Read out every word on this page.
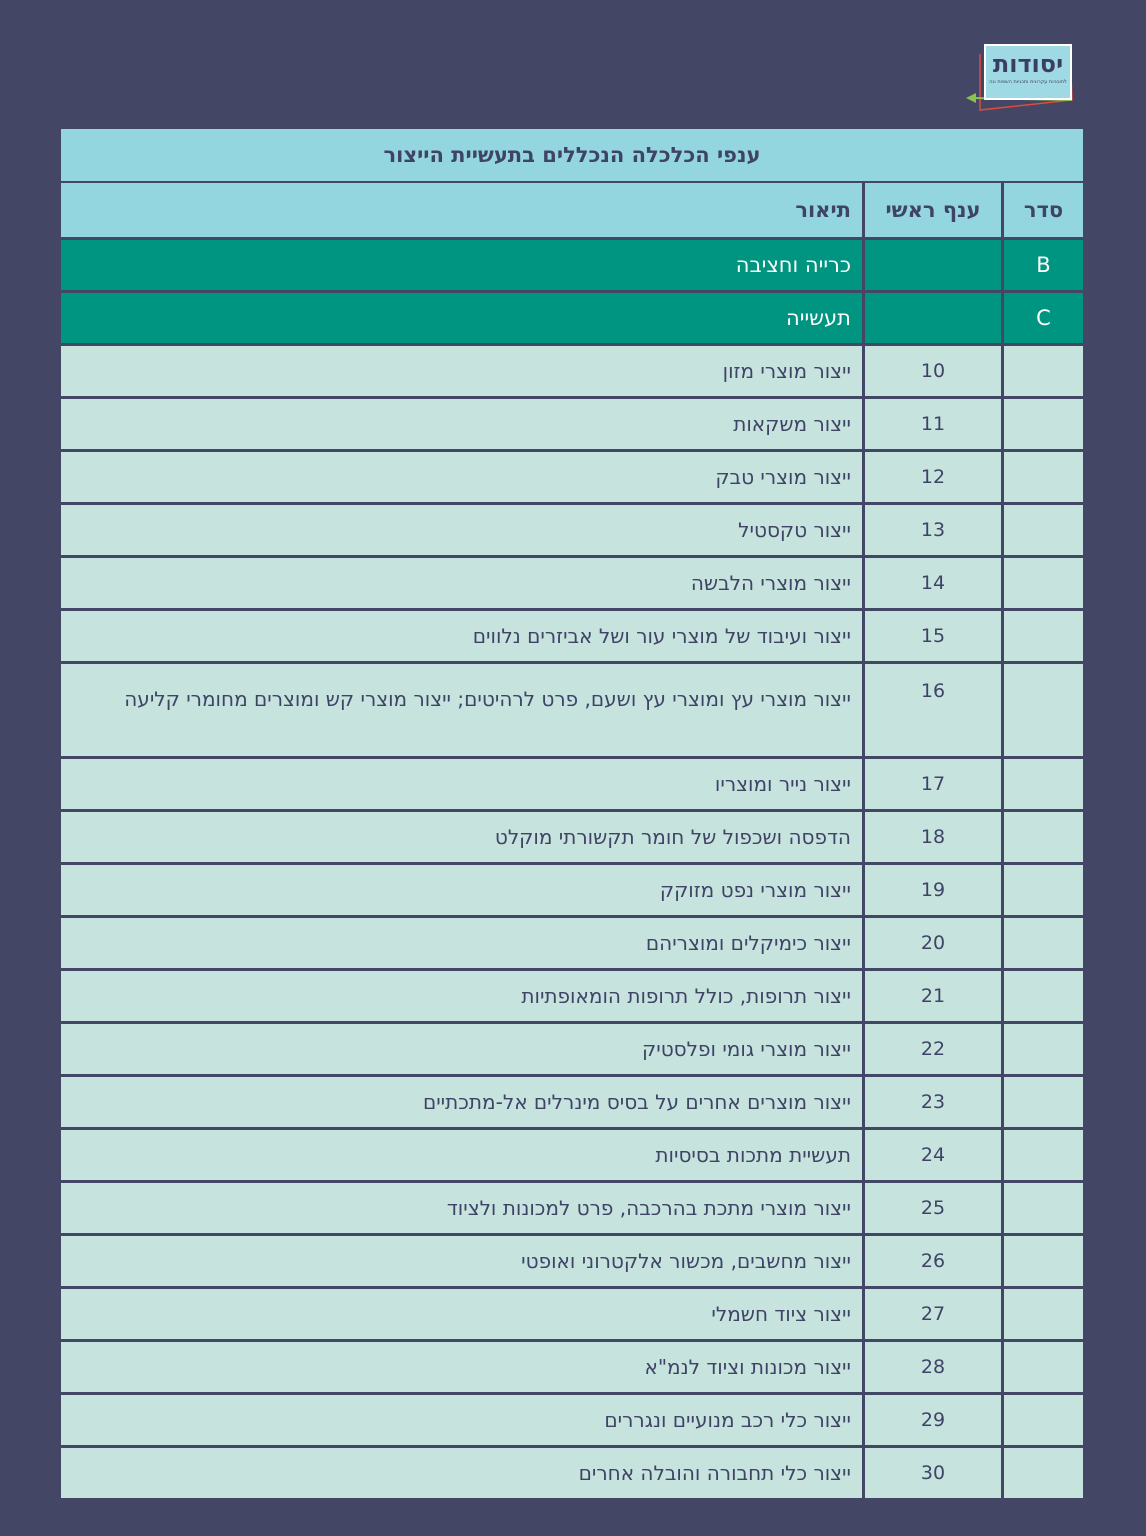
יסודות
לתוכניות עקרונית ותכניות השפות ונה
ענפי הכלכלה הנכללים בתעשיית הייצור
סדר
ענף ראשי
תיאור
B
כרייה וחציבה
C
תעשייה
10
ייצור מוצרי מזון
11
ייצור משקאות
12
ייצור מוצרי טבק
13
ייצור טקסטיל
14
ייצור מוצרי הלבשה
15
ייצור ועיבוד של מוצרי עור ושל אביזרים נלווים
16
ייצור מוצרי עץ ומוצרי עץ ושעם, פרט לרהיטים; ייצור מוצרי קש ומוצרים מחומרי קליעה
17
ייצור נייר ומוצריו
18
הדפסה ושכפול של חומר תקשורתי מוקלט
19
ייצור מוצרי נפט מזוקק
20
ייצור כימיקלים ומוצריהם
21
ייצור תרופות, כולל תרופות הומאופתיות
22
ייצור מוצרי גומי ופלסטיק
23
ייצור מוצרים אחרים על בסיס מינרלים אל-מתכתיים
24
תעשיית מתכות בסיסיות
25
ייצור מוצרי מתכת בהרכבה, פרט למכונות ולציוד
26
ייצור מחשבים, מכשור אלקטרוני ואופטי
27
ייצור ציוד חשמלי
28
ייצור מכונות וציוד לנמ"א
29
ייצור כלי רכב מנועיים ונגררים
30
ייצור כלי תחבורה והובלה אחרים
